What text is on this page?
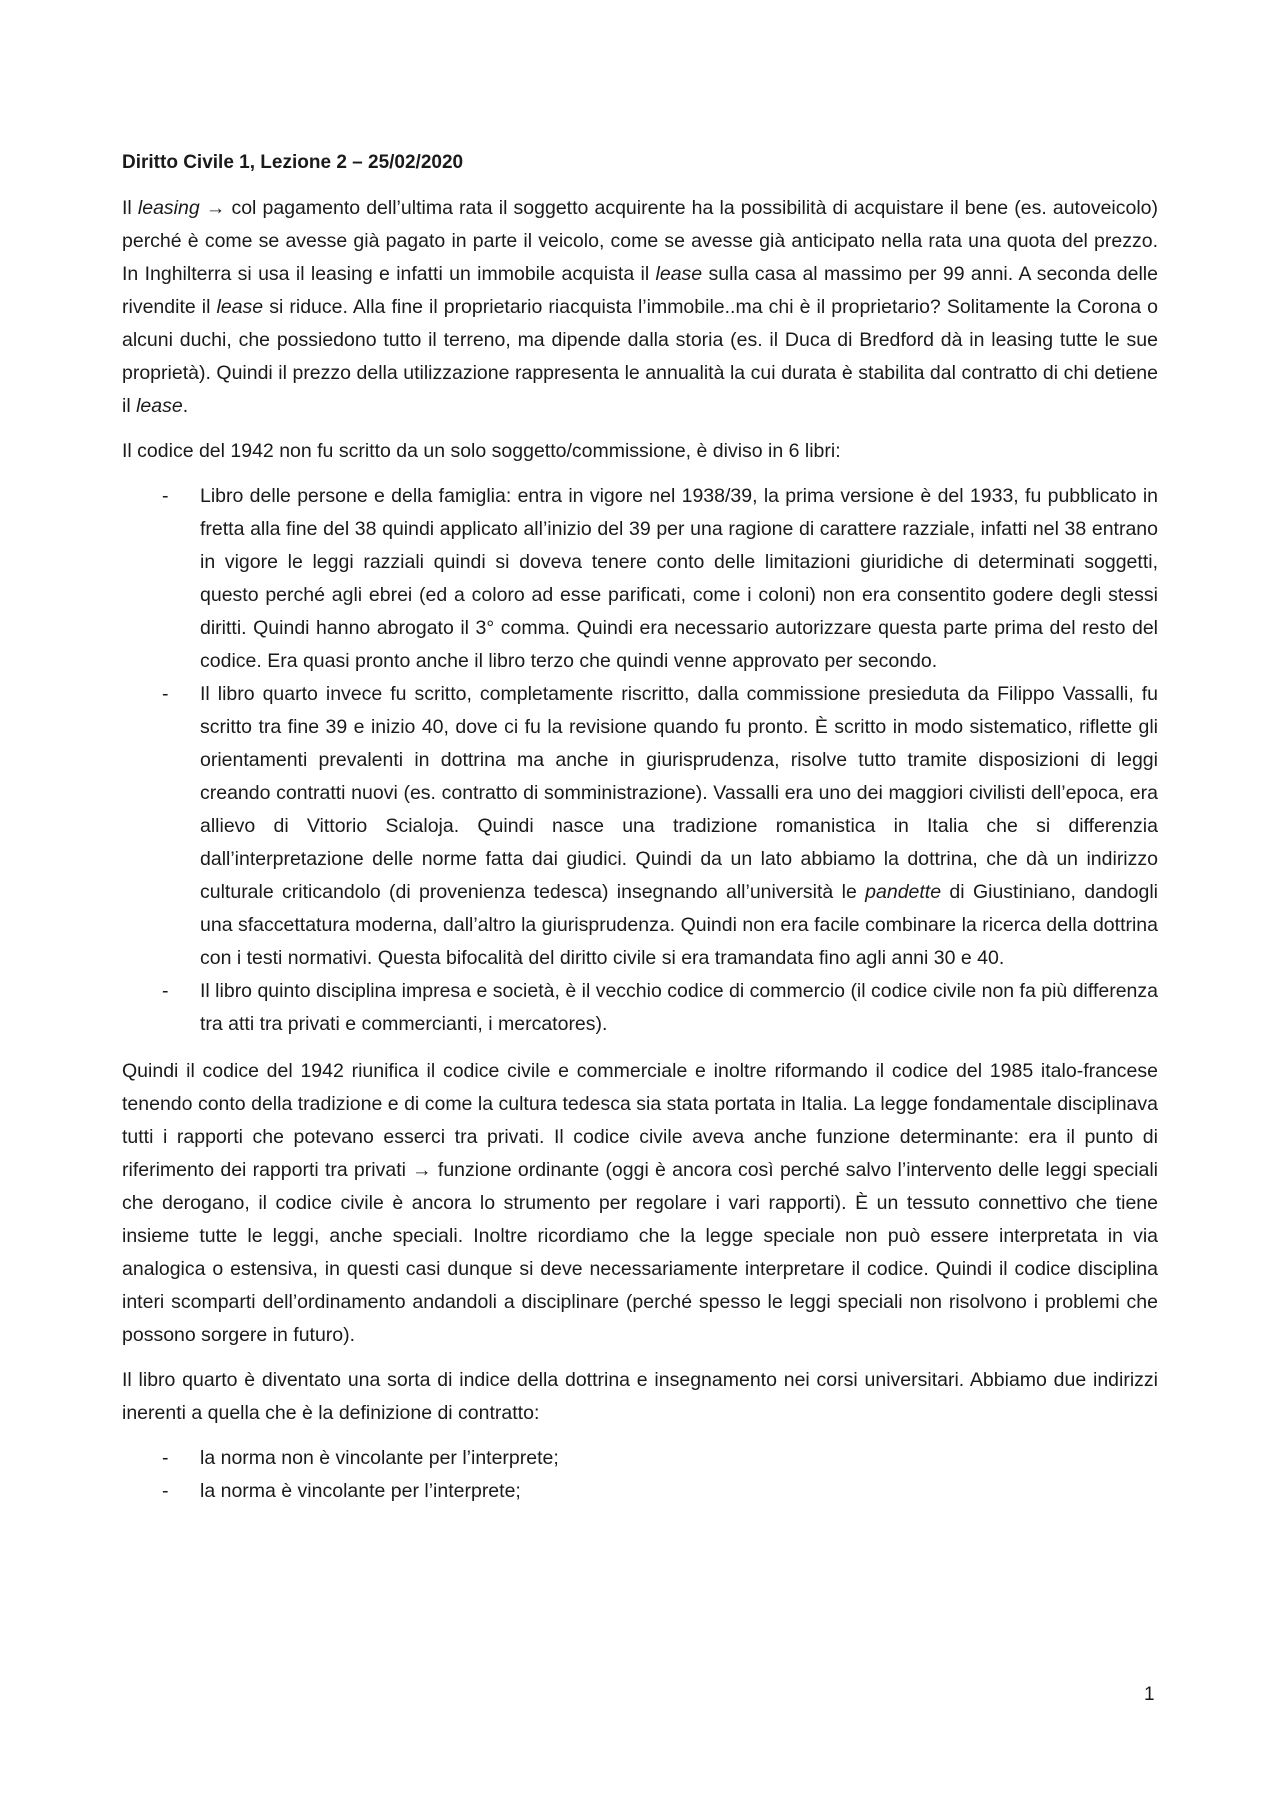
Diritto Civile 1, Lezione 2 – 25/02/2020

Il leasing → col pagamento dell’ultima rata il soggetto acquirente ha la possibilità di acquistare il bene (es. autoveicolo) perché è come se avesse già pagato in parte il veicolo, come se avesse già anticipato nella rata una quota del prezzo. In Inghilterra si usa il leasing e infatti un immobile acquista il lease sulla casa al massimo per 99 anni. A seconda delle rivendite il lease si riduce. Alla fine il proprietario riacquista l’immobile..ma chi è il proprietario? Solitamente la Corona o alcuni duchi, che possiedono tutto il terreno, ma dipende dalla storia (es. il Duca di Bredford dà in leasing tutte le sue proprietà). Quindi il prezzo della utilizzazione rappresenta le annualità la cui durata è stabilita dal contratto di chi detiene il lease.

Il codice del 1942 non fu scritto da un solo soggetto/commissione, è diviso in 6 libri:

- Libro delle persone e della famiglia: entra in vigore nel 1938/39, la prima versione è del 1933, fu pubblicato in fretta alla fine del 38 quindi applicato all’inizio del 39 per una ragione di carattere razziale, infatti nel 38 entrano in vigore le leggi razziali quindi si doveva tenere conto delle limitazioni giuridiche di determinati soggetti, questo perché agli ebrei (ed a coloro ad esse parificati, come i coloni) non era consentito godere degli stessi diritti. Quindi hanno abrogato il 3° comma. Quindi era necessario autorizzare questa parte prima del resto del codice. Era quasi pronto anche il libro terzo che quindi venne approvato per secondo.
- Il libro quarto invece fu scritto, completamente riscritto, dalla commissione presieduta da Filippo Vassalli, fu scritto tra fine 39 e inizio 40, dove ci fu la revisione quando fu pronto. È scritto in modo sistematico, riflette gli orientamenti prevalenti in dottrina ma anche in giurisprudenza, risolve tutto tramite disposizioni di leggi creando contratti nuovi (es. contratto di somministrazione). Vassalli era uno dei maggiori civilisti dell’epoca, era allievo di Vittorio Scialoja. Quindi nasce una tradizione romanistica in Italia che si differenzia dall’interpretazione delle norme fatta dai giudici. Quindi da un lato abbiamo la dottrina, che dà un indirizzo culturale criticandolo (di provenienza tedesca) insegnando all’università le pandette di Giustiniano, dandogli una sfaccettatura moderna, dall’altro la giurisprudenza. Quindi non era facile combinare la ricerca della dottrina con i testi normativi. Questa bifocalità del diritto civile si era tramandata fino agli anni 30 e 40.
- Il libro quinto disciplina impresa e società, è il vecchio codice di commercio (il codice civile non fa più differenza tra atti tra privati e commercianti, i mercatores).

Quindi il codice del 1942 riunifica il codice civile e commerciale e inoltre riformando il codice del 1985 italo-francese tenendo conto della tradizione e di come la cultura tedesca sia stata portata in Italia. La legge fondamentale disciplinava tutti i rapporti che potevano esserci tra privati. Il codice civile aveva anche funzione determinante: era il punto di riferimento dei rapporti tra privati → funzione ordinante (oggi è ancora così perché salvo l’intervento delle leggi speciali che derogano, il codice civile è ancora lo strumento per regolare i vari rapporti). È un tessuto connettivo che tiene insieme tutte le leggi, anche speciali. Inoltre ricordiamo che la legge speciale non può essere interpretata in via analogica o estensiva, in questi casi dunque si deve necessariamente interpretare il codice. Quindi il codice disciplina interi scomparti dell’ordinamento andandoli a disciplinare (perché spesso le leggi speciali non risolvono i problemi che possono sorgere in futuro).

Il libro quarto è diventato una sorta di indice della dottrina e insegnamento nei corsi universitari. Abbiamo due indirizzi inerenti a quella che è la definizione di contratto:

- la norma non è vincolante per l’interprete;
- la norma è vincolante per l’interprete;
1
